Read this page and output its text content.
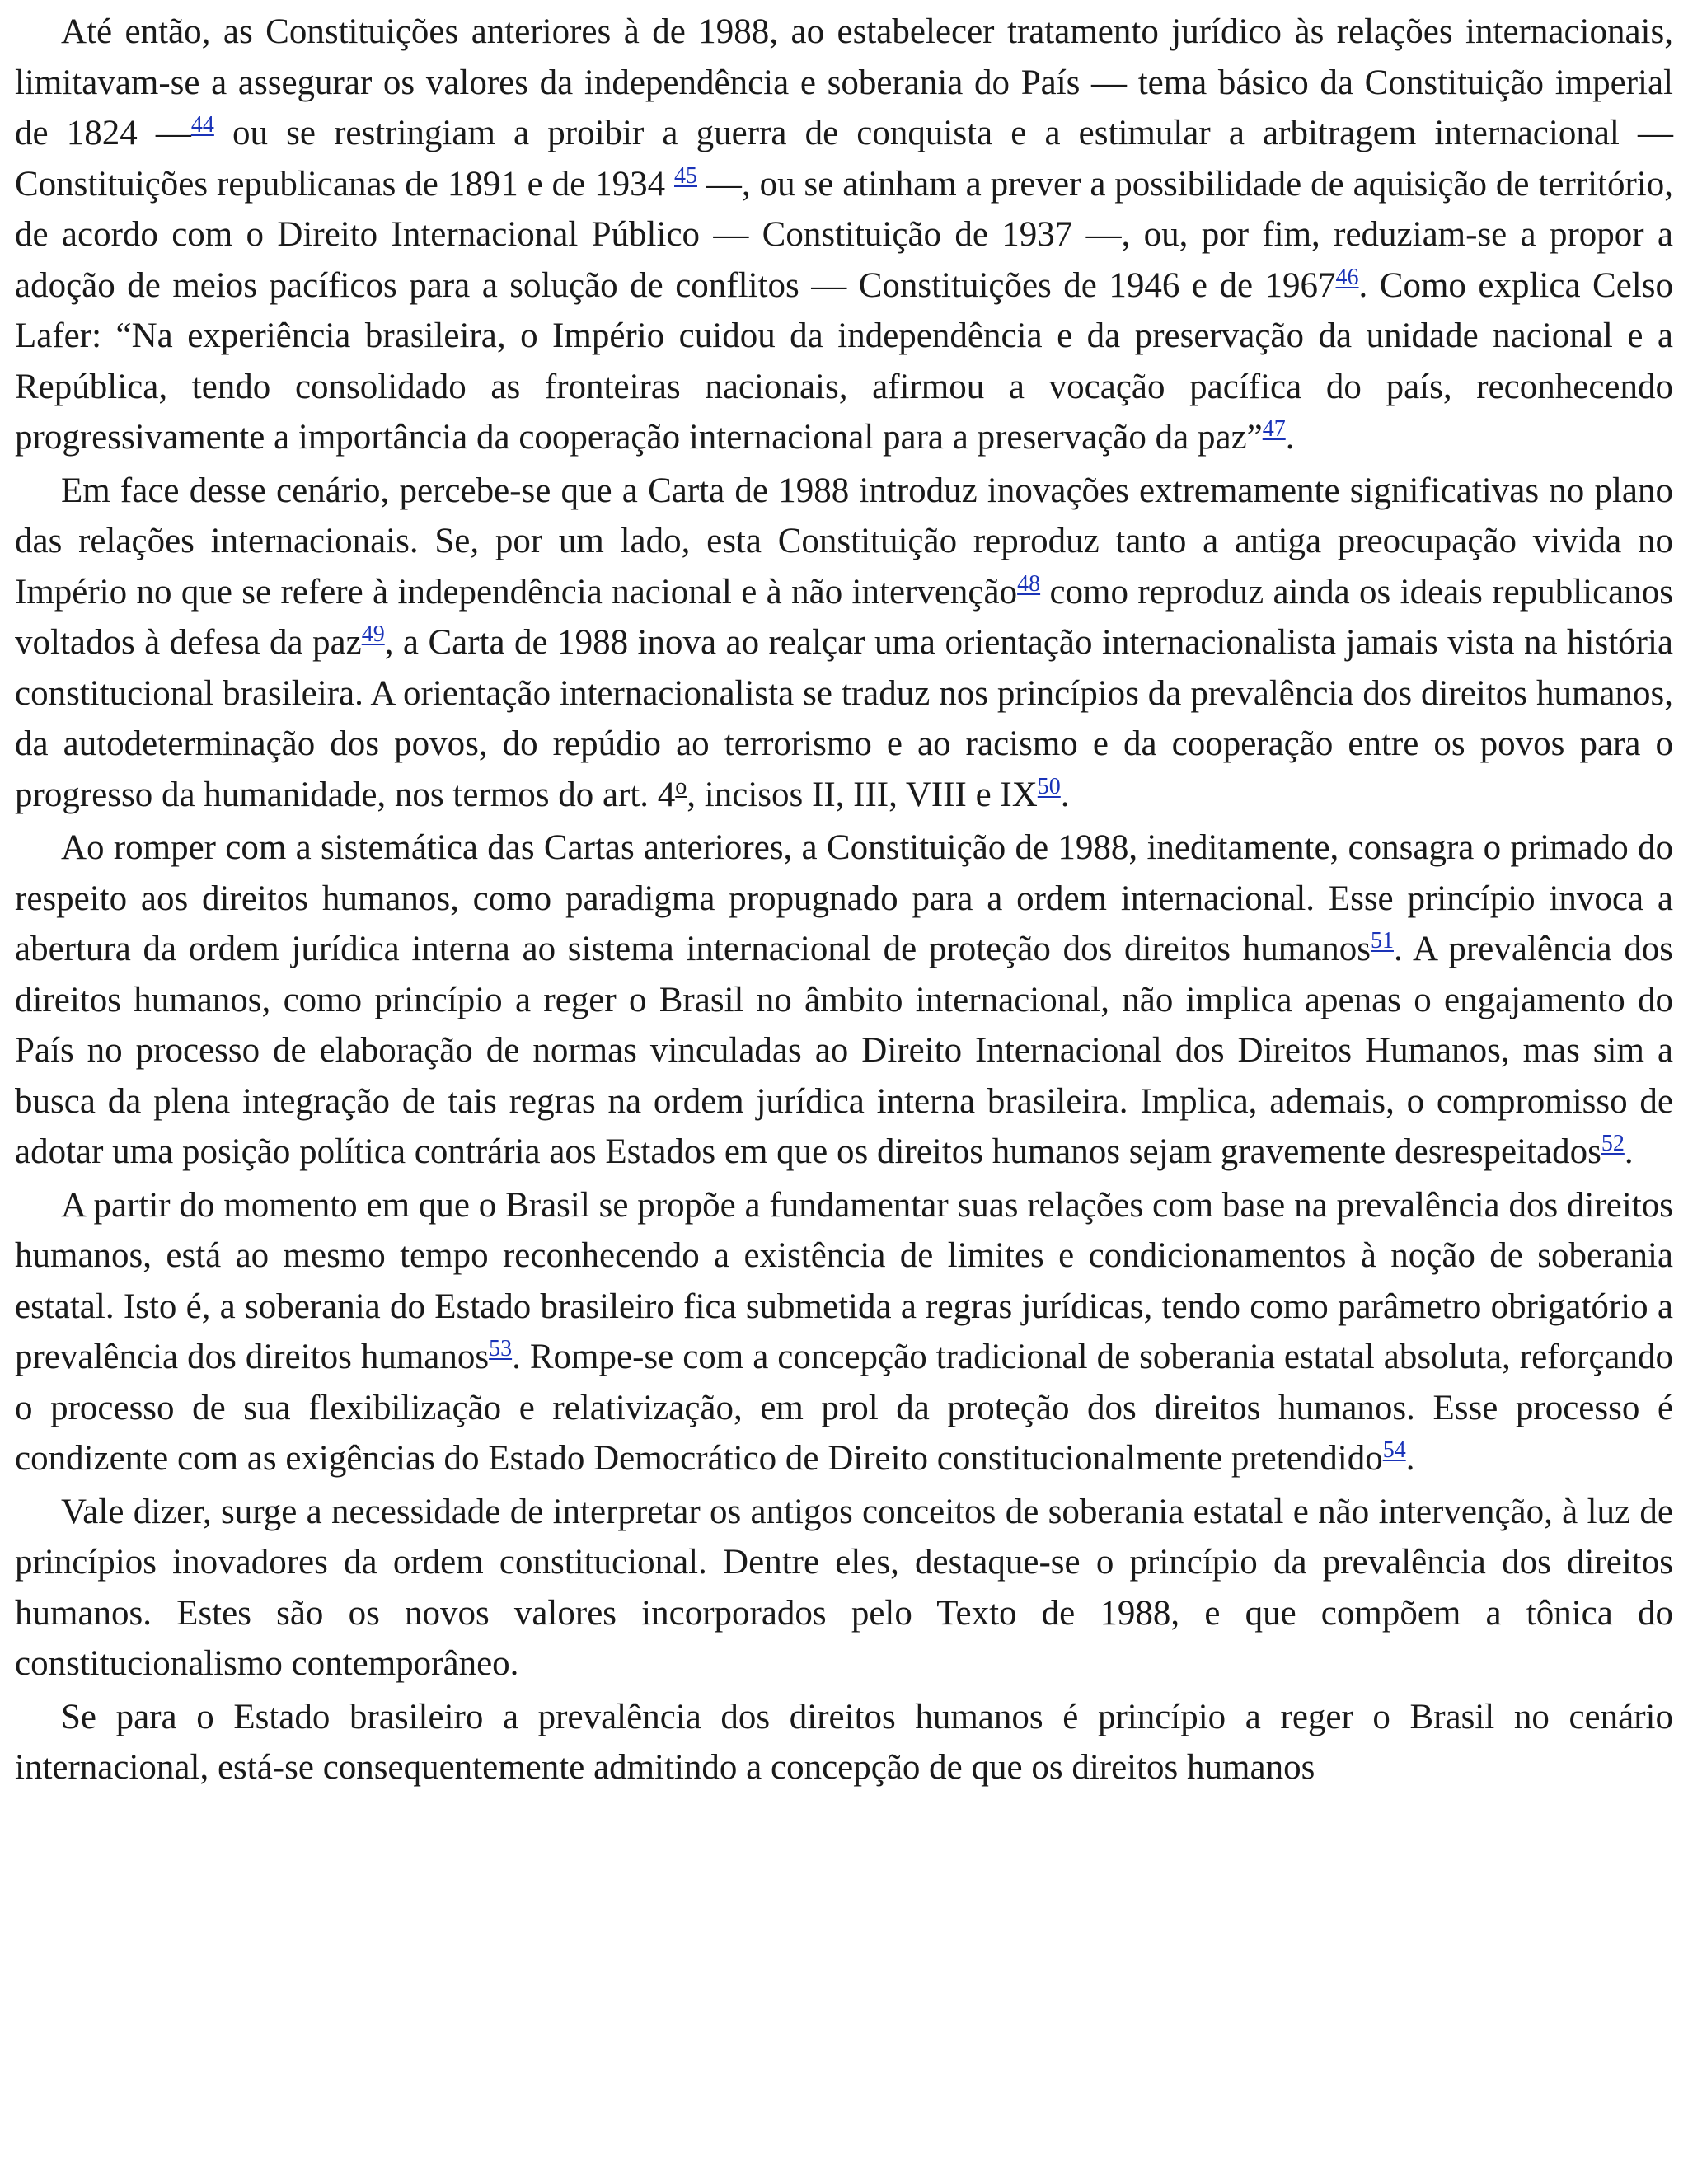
Até então, as Constituições anteriores à de 1988, ao estabelecer tratamento jurídico às relações internacionais, limitavam-se a assegurar os valores da independência e soberania do País — tema básico da Constituição imperial de 1824 —$^{44}$ ou se restringiam a proibir a guerra de conquista e a estimular a arbitragem internacional — Constituições republicanas de 1891 e de 1934 $^{45}$ —, ou se atinham a prever a possibilidade de aquisição de território, de acordo com o Direito Internacional Público — Constituição de 1937 —, ou, por fim, reduziam-se a propor a adoção de meios pacíficos para a solução de conflitos — Constituições de 1946 e de 1967$^{46}$. Como explica Celso Lafer: “Na experiência brasileira, o Império cuidou da independência e da preservação da unidade nacional e a República, tendo consolidado as fronteiras nacionais, afirmou a vocação pacífica do país, reconhecendo progressivamente a importância da cooperação internacional para a preservação da paz”$^{47}$.

Em face desse cenário, percebe-se que a Carta de 1988 introduz inovações extremamente significativas no plano das relações internacionais. Se, por um lado, esta Constituição reproduz tanto a antiga preocupação vivida no Império no que se refere à independência nacional e à não intervenção$^{48}$ como reproduz ainda os ideais republicanos voltados à defesa da paz$^{49}$, a Carta de 1988 inova ao realçar uma orientação internacionalista jamais vista na história constitucional brasileira. A orientação internacionalista se traduz nos princípios da prevalência dos direitos humanos, da autodeterminação dos povos, do repúdio ao terrorismo e ao racismo e da cooperação entre os povos para o progresso da humanidade, nos termos do art. 4$^o$, incisos II, III, VIII e IX$^{50}$.

Ao romper com a sistemática das Cartas anteriores, a Constituição de 1988, ineditamente, consagra o primado do respeito aos direitos humanos, como paradigma propugnado para a ordem internacional. Esse princípio invoca a abertura da ordem jurídica interna ao sistema internacional de proteção dos direitos humanos$^{51}$. A prevalência dos direitos humanos, como princípio a reger o Brasil no âmbito internacional, não implica apenas o engajamento do País no processo de elaboração de normas vinculadas ao Direito Internacional dos Direitos Humanos, mas sim a busca da plena integração de tais regras na ordem jurídica interna brasileira. Implica, ademais, o compromisso de adotar uma posição política contrária aos Estados em que os direitos humanos sejam gravemente desrespeitados$^{52}$.

A partir do momento em que o Brasil se propõe a fundamentar suas relações com base na prevalência dos direitos humanos, está ao mesmo tempo reconhecendo a existência de limites e condicionamentos à noção de soberania estatal. Isto é, a soberania do Estado brasileiro fica submetida a regras jurídicas, tendo como parâmetro obrigatório a prevalência dos direitos humanos$^{53}$. Rompe-se com a concepção tradicional de soberania estatal absoluta, reforçando o processo de sua flexibilização e relativização, em prol da proteção dos direitos humanos. Esse processo é condizente com as exigências do Estado Democrático de Direito constitucionalmente pretendido$^{54}$.

Vale dizer, surge a necessidade de interpretar os antigos conceitos de soberania estatal e não intervenção, à luz de princípios inovadores da ordem constitucional. Dentre eles, destaque-se o princípio da prevalência dos direitos humanos. Estes são os novos valores incorporados pelo Texto de 1988, e que compõem a tônica do constitucionalismo contemporâneo.

Se para o Estado brasileiro a prevalência dos direitos humanos é princípio a reger o Brasil no cenário internacional, está-se consequentemente admitindo a concepção de que os direitos humanos
